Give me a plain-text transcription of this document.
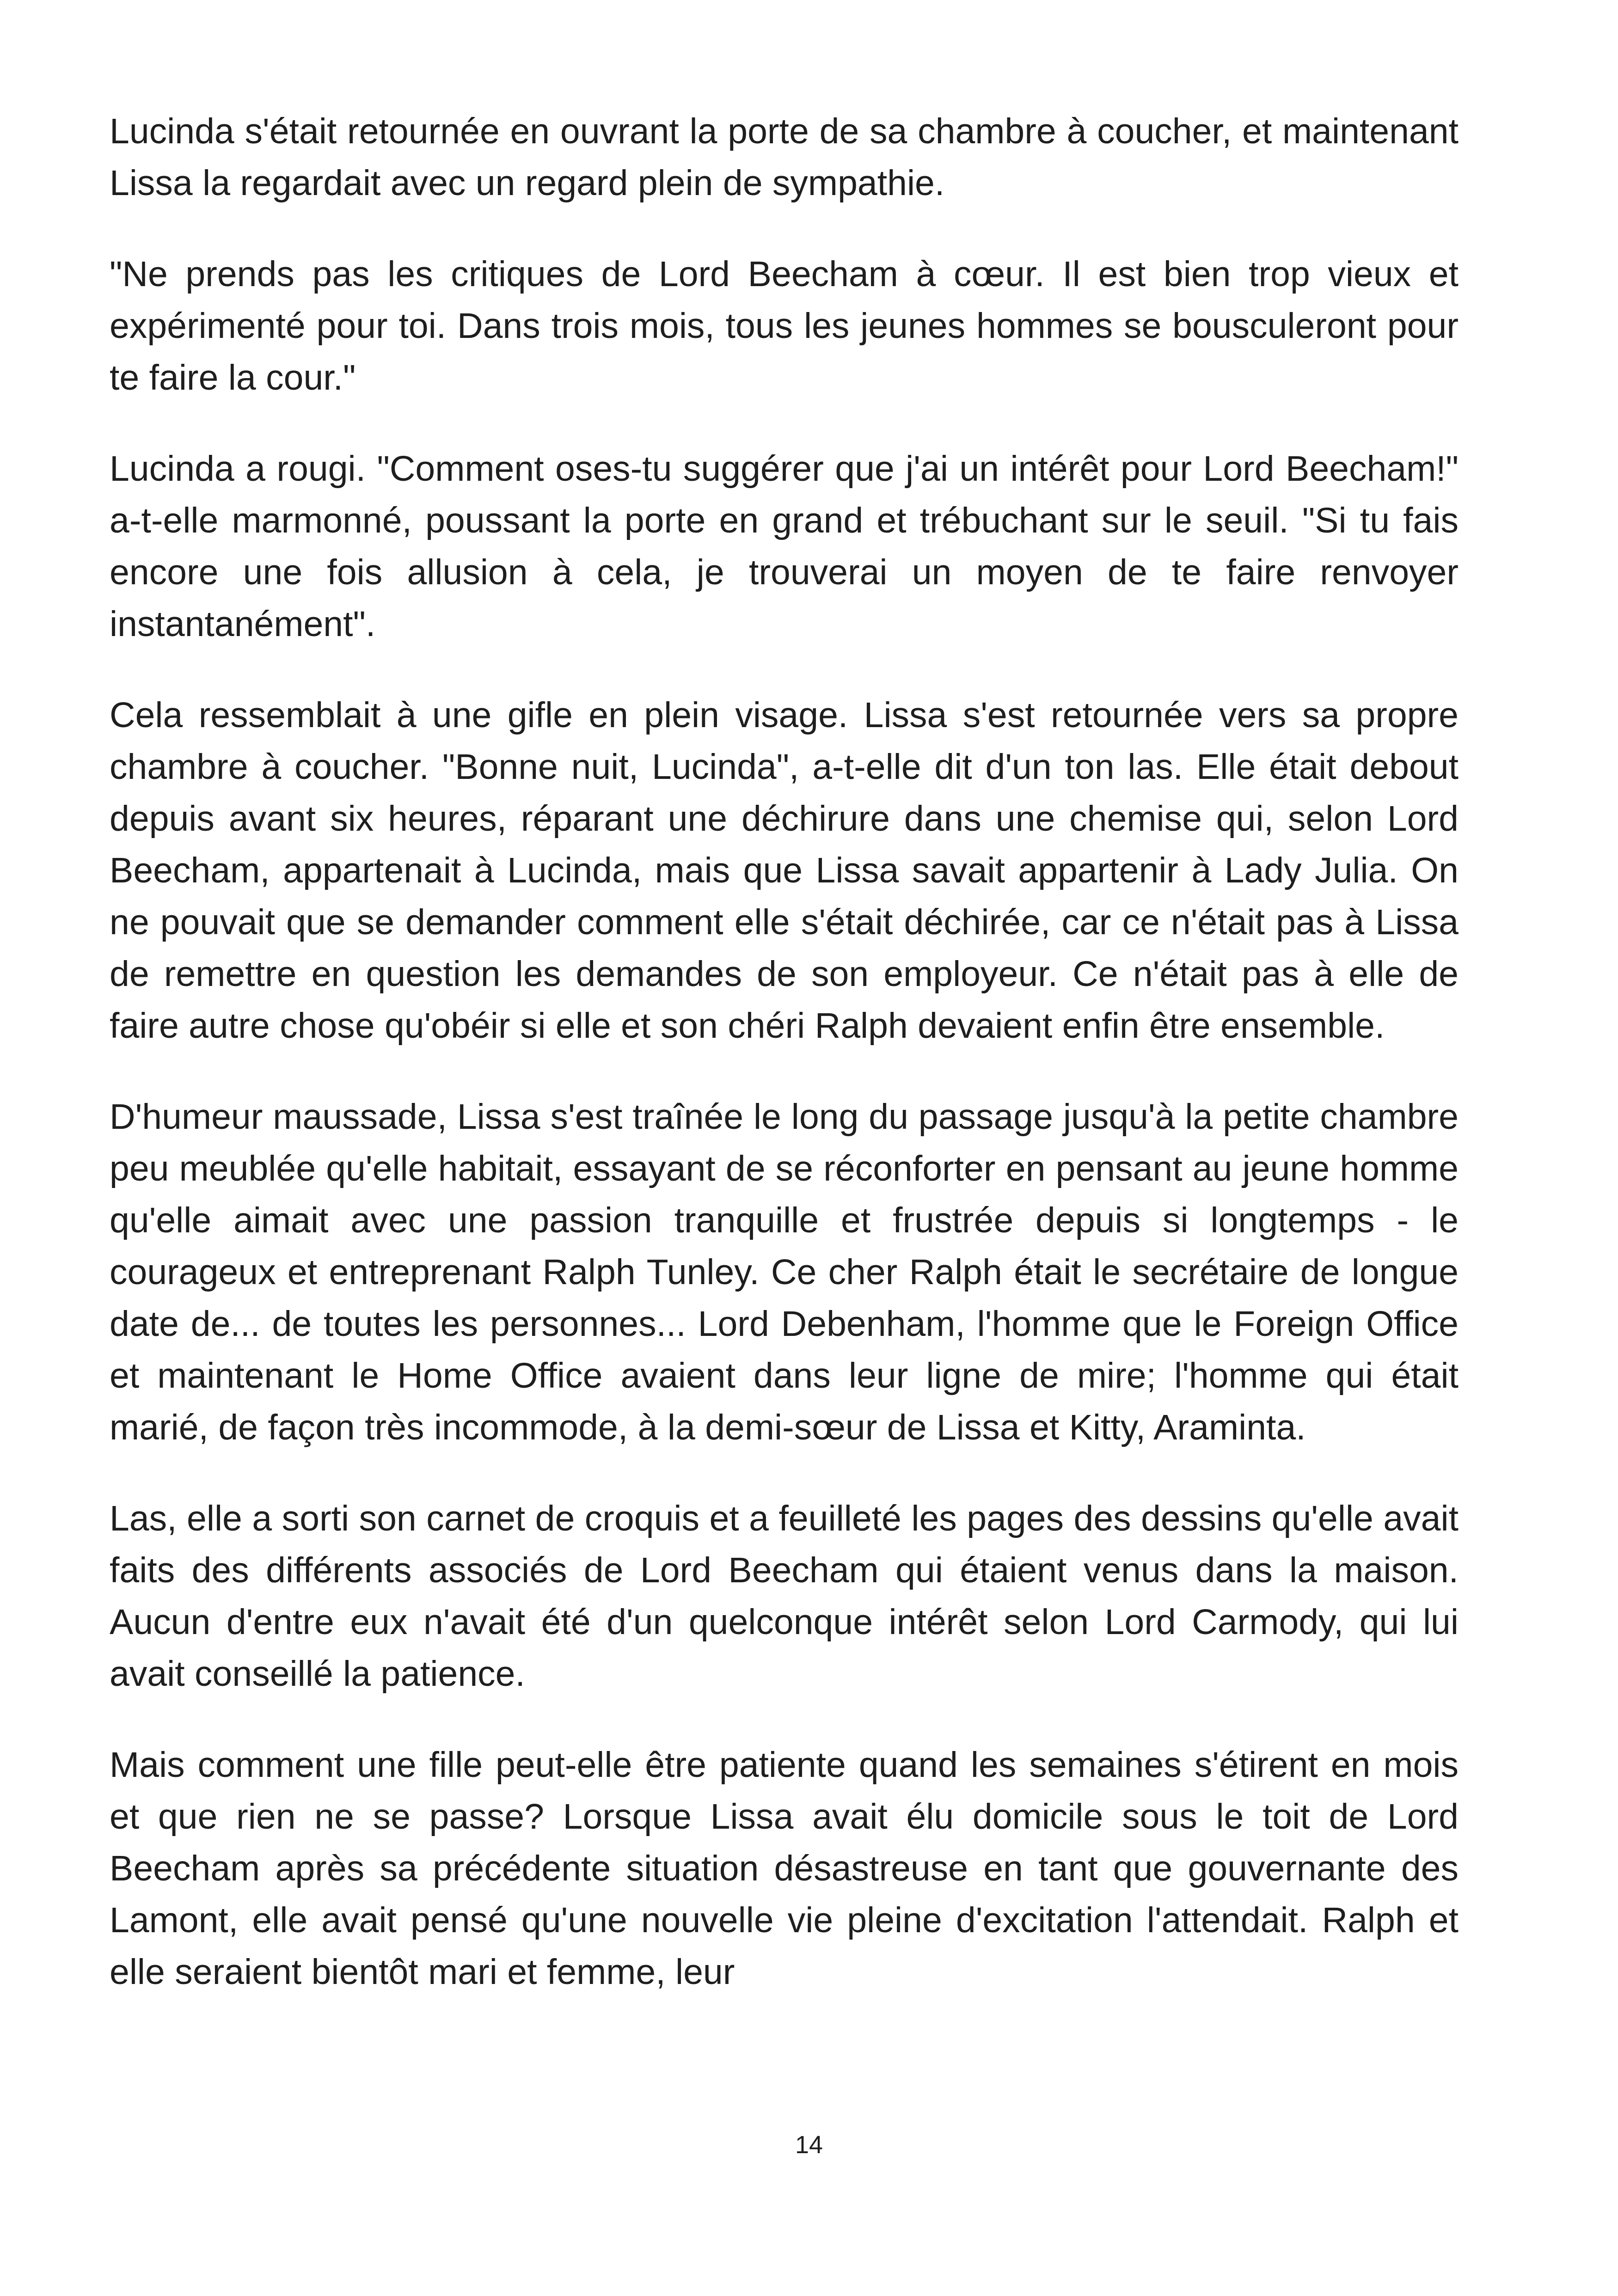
Lucinda s'était retournée en ouvrant la porte de sa chambre à coucher, et maintenant Lissa la regardait avec un regard plein de sympathie.

"Ne prends pas les critiques de Lord Beecham à cœur. Il est bien trop vieux et expérimenté pour toi. Dans trois mois, tous les jeunes hommes se bousculeront pour te faire la cour."

Lucinda a rougi. "Comment oses-tu suggérer que j'ai un intérêt pour Lord Beecham!" a-t-elle marmonné, poussant la porte en grand et trébuchant sur le seuil. "Si tu fais encore une fois allusion à cela, je trouverai un moyen de te faire renvoyer instantanément".

Cela ressemblait à une gifle en plein visage. Lissa s'est retournée vers sa propre chambre à coucher. "Bonne nuit, Lucinda", a-t-elle dit d'un ton las. Elle était debout depuis avant six heures, réparant une déchirure dans une chemise qui, selon Lord Beecham, appartenait à Lucinda, mais que Lissa savait appartenir à Lady Julia. On ne pouvait que se demander comment elle s'était déchirée, car ce n'était pas à Lissa de remettre en question les demandes de son employeur. Ce n'était pas à elle de faire autre chose qu'obéir si elle et son chéri Ralph devaient enfin être ensemble.

D'humeur maussade, Lissa s'est traînée le long du passage jusqu'à la petite chambre peu meublée qu'elle habitait, essayant de se réconforter en pensant au jeune homme qu'elle aimait avec une passion tranquille et frustrée depuis si longtemps - le courageux et entreprenant Ralph Tunley. Ce cher Ralph était le secrétaire de longue date de... de toutes les personnes... Lord Debenham, l'homme que le Foreign Office et maintenant le Home Office avaient dans leur ligne de mire; l'homme qui était marié, de façon très incommode, à la demi-sœur de Lissa et Kitty, Araminta.

Las, elle a sorti son carnet de croquis et a feuilleté les pages des dessins qu'elle avait faits des différents associés de Lord Beecham qui étaient venus dans la maison. Aucun d'entre eux n'avait été d'un quelconque intérêt selon Lord Carmody, qui lui avait conseillé la patience.

Mais comment une fille peut-elle être patiente quand les semaines s'étirent en mois et que rien ne se passe? Lorsque Lissa avait élu domicile sous le toit de Lord Beecham après sa précédente situation désastreuse en tant que gouvernante des Lamont, elle avait pensé qu'une nouvelle vie pleine d'excitation l'attendait. Ralph et elle seraient bientôt mari et femme, leur

14
